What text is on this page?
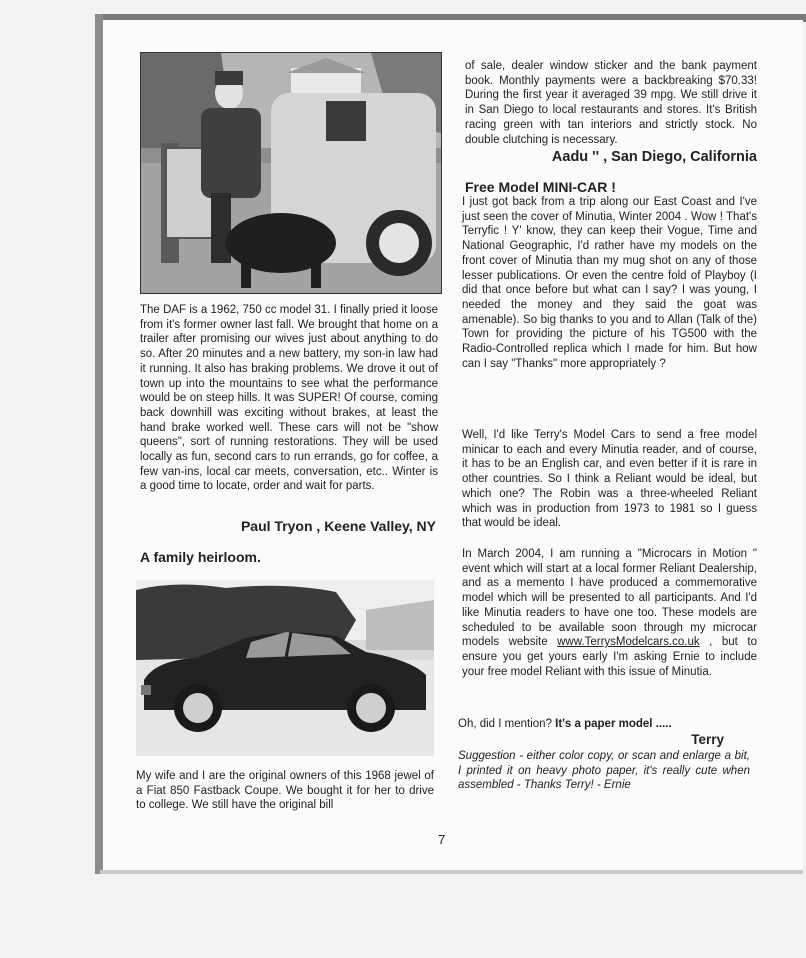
The DAF is a 1962, 750 cc model 31. I finally pried it loose from it's former owner last fall. We brought that home on a trailer after promising our wives just about anything to do so. After 20 minutes and a new battery, my son-in law had it running. It also has braking problems. We drove it out of town up into the mountains to see what the performance would be on steep hills. It was SUPER! Of course, coming back downhill was exciting without brakes, at least the hand brake worked well. These cars will not be "show queens", sort of running restorations. They will be used locally as fun, second cars to run errands, go for coffee, a few van-ins, local car meets, conversation, etc.. Winter is a good time to locate, order and wait for parts.

Paul Tryon , Keene Valley, NY
A family heirloom.

My wife and I are the original owners of this 1968 jewel of a Fiat 850 Fastback Coupe. We bought it for her to drive to college. We still have the original bill

of sale, dealer window sticker and the bank payment book. Monthly payments were a backbreaking $70.33! During the first year it averaged 39 mpg. We still drive it in San Diego to local restaurants and stores. It's British racing green with tan interiors and strictly stock. No double clutching is necessary.

Aadu '' , San Diego, California
Free Model MINI-CAR !

I just got back from a trip along our East Coast and I've just seen the cover of Minutia, Winter 2004 . Wow ! That's Terryfic ! Y' know, they can keep their Vogue, Time and National Geographic, I'd rather have my models on the front cover of Minutia than my mug shot on any of those lesser publications. Or even the centre fold of Playboy (I did that once before but what can I say? I was young, I needed the money and they said the goat was amenable). So big thanks to you and to Allan (Talk of the) Town for providing the picture of his TG500 with the Radio-Controlled replica which I made for him. But how can I say "Thanks" more appropriately ?

Well, I'd like Terry's Model Cars to send a free model minicar to each and every Minutia reader, and of course, it has to be an English car, and even better if it is rare in other countries. So I think a Reliant would be ideal, but which one? The Robin was a three-wheeled Reliant which was in production from 1973 to 1981 so I guess that would be ideal.

In March 2004, I am running a "Microcars in Motion " event which will start at a local former Reliant Dealership, and as a memento I have produced a commemorative model which will be presented to all participants. And I'd like Minutia readers to have one too. These models are scheduled to be available soon through my microcar models website www.TerrysModelcars.co.uk , but to ensure you get yours early I'm asking Ernie to include your free model Reliant with this issue of Minutia.

Oh, did I mention? It's a paper model .....

Terry

Suggestion - either color copy, or scan and enlarge a bit, I printed it on heavy photo paper, it's really cute when assembled - Thanks Terry! - Ernie

7
